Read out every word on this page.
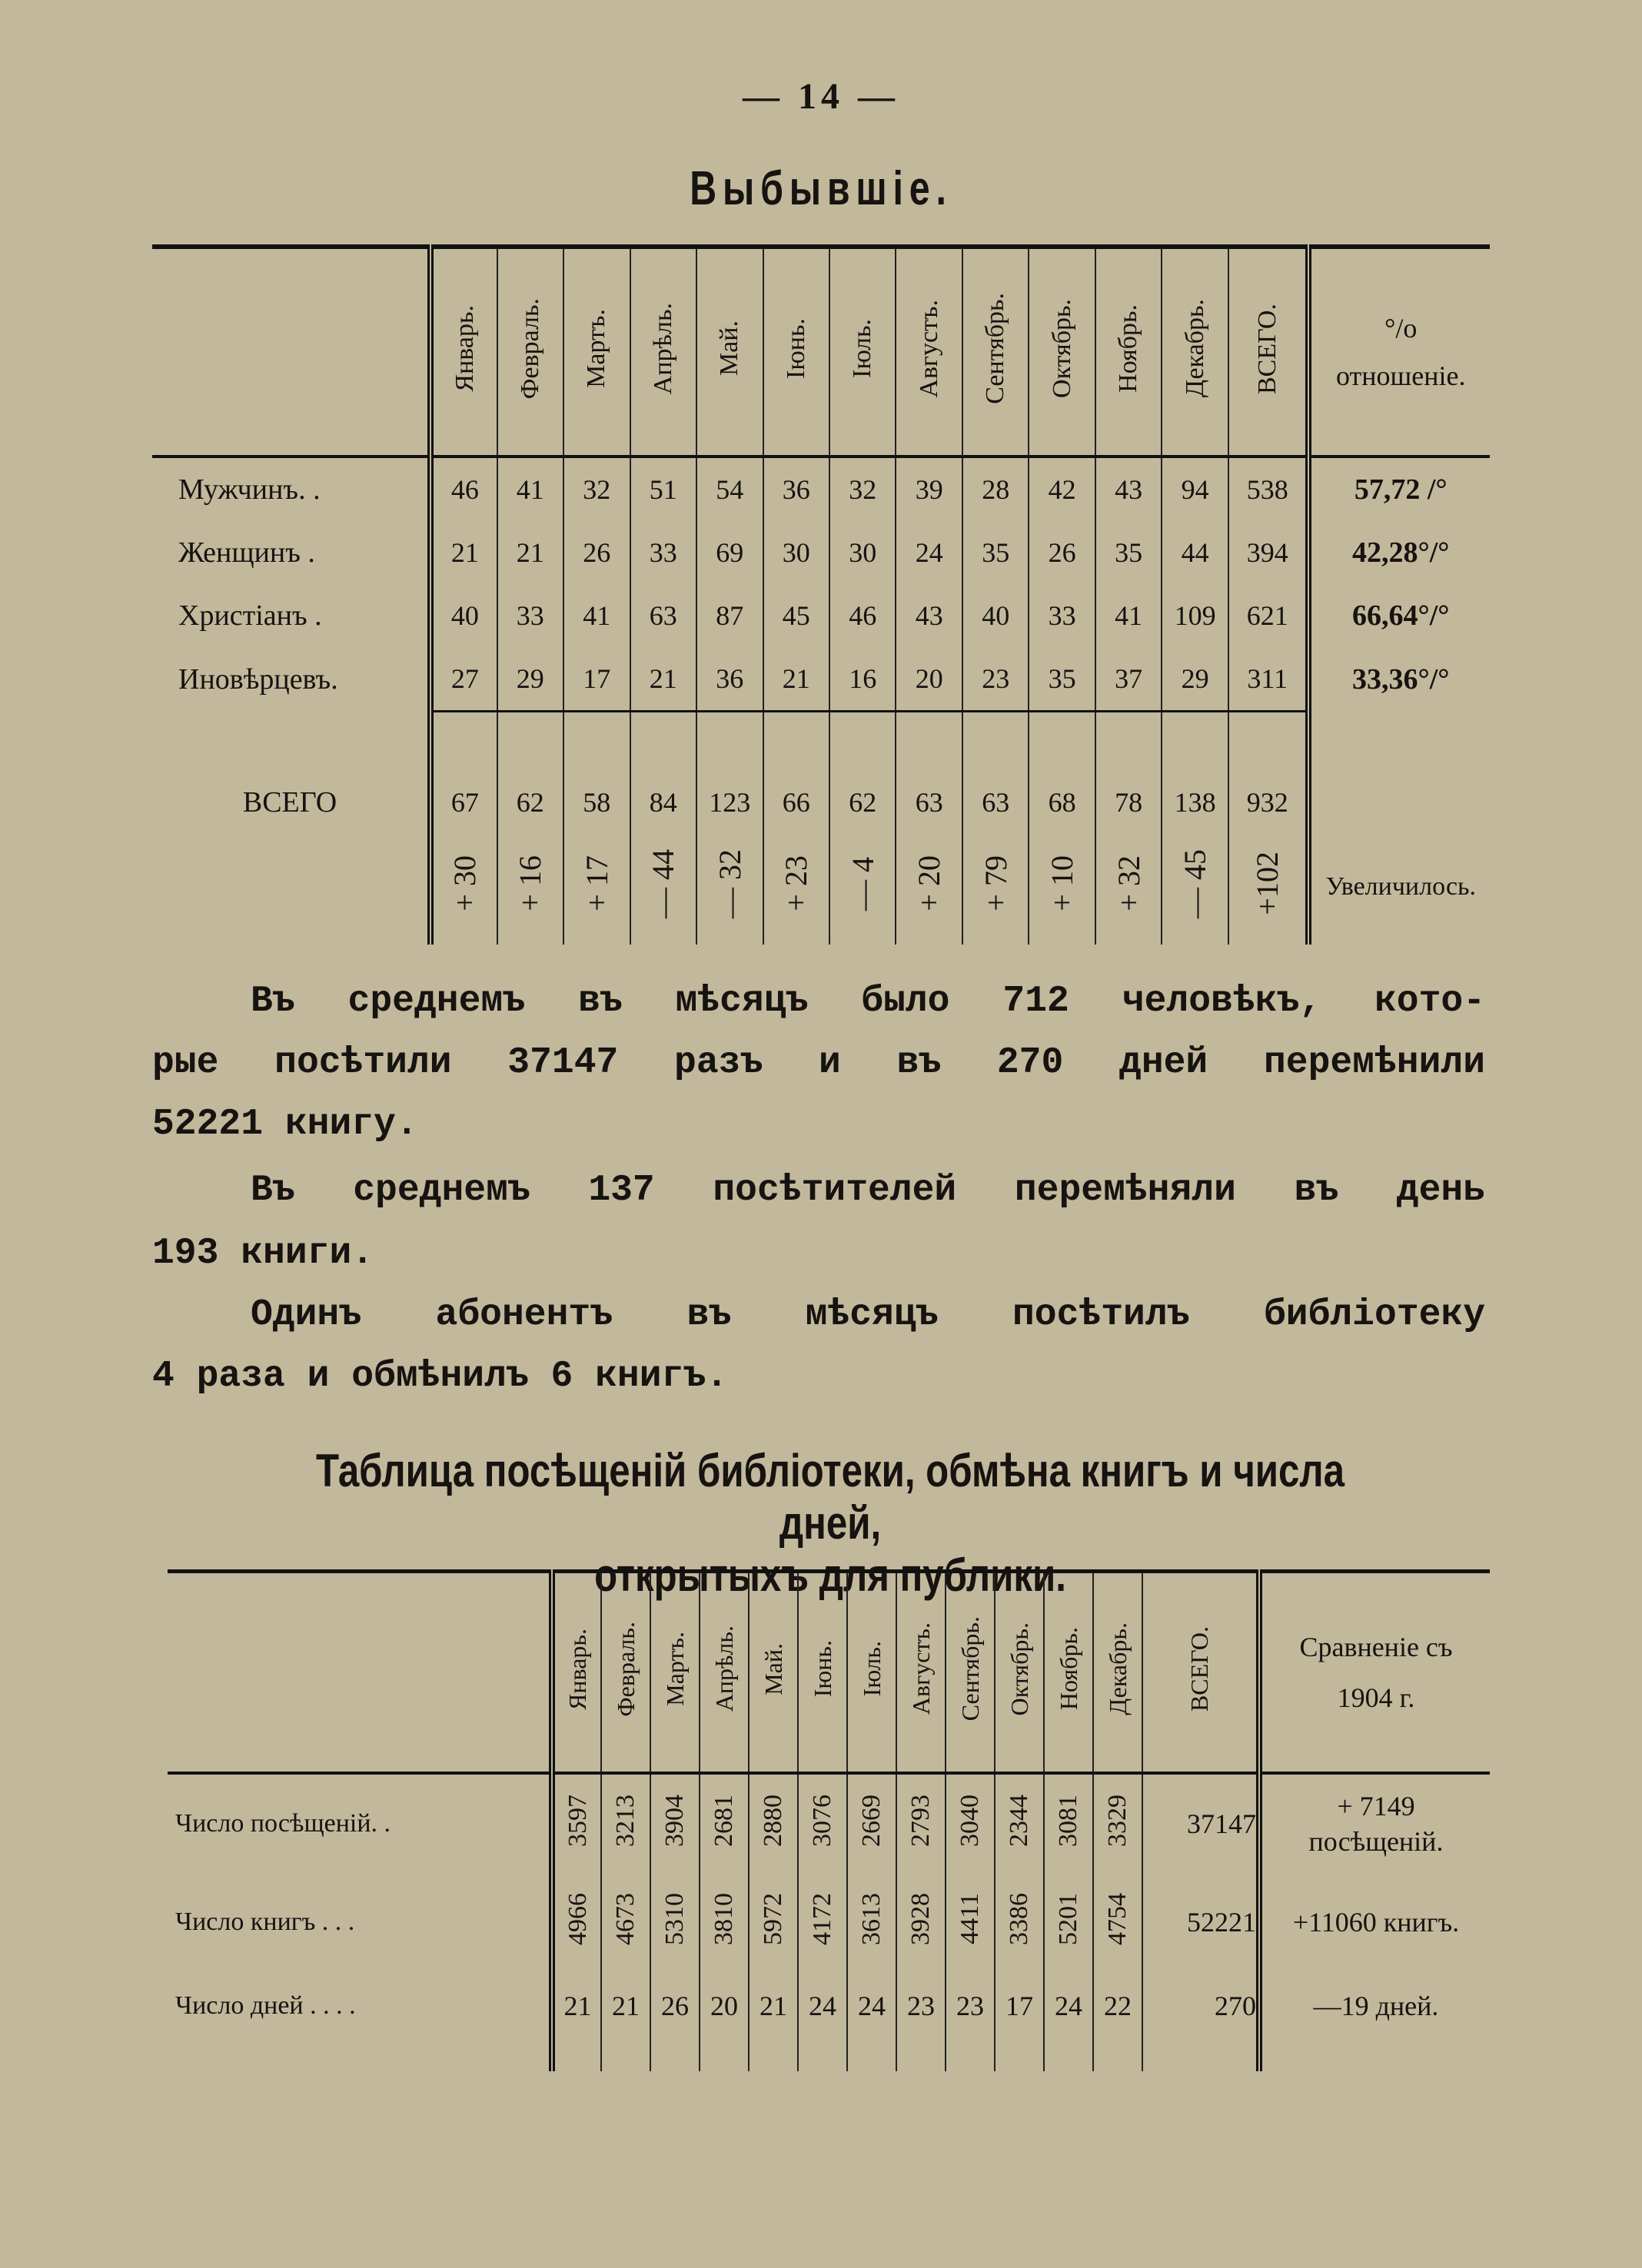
— 14 —
Выбывшіе.
	Январь.	Февраль.	Мартъ.	Апрѣль.	Май.	Іюнь.	Іюль.	Августъ.	Сентябрь.	Октябрь.	Ноябрь.	Декабрь.	ВСЕГО.	°/о отношеніе.
Мужчинъ. .	46	41	32	51	54	36	32	39	28	42	43	94	538	57,72 /°
Женщинъ .	21	21	26	33	69	30	30	24	35	26	35	44	394	42,28°/°
Христіанъ .	40	33	41	63	87	45	46	43	40	33	41	109	621	66,64°/°
Иновѣрцевъ.	27	29	17	21	36	21	16	20	23	35	37	29	311	33,36°/°

ВСЕГО	67	62	58	84	123	66	62	63	63	68	78	138	932	
	+ 30	+ 16	+ 17	— 44	— 32	+ 23	— 4	+ 20	+ 79	+ 10	+ 32	— 45	+102	Увеличилось.
Въ среднемъ въ мѣсяцъ было 712 человѣкъ, кото-
рые посѣтили 37147 разъ и въ 270 дней перемѣнили
52221 книгу.
Въ среднемъ 137 посѣтителей перемѣняли въ день
193 книги.
Одинъ абонентъ въ мѣсяцъ посѣтилъ библіотеку
4 раза и обмѣнилъ 6 книгъ.
Таблица посѣщеній библіотеки, обмѣна книгъ и числа дней,
открытыхъ для публики.
	Январь.	Февраль.	Мартъ.	Апрѣль.	Май.	Іюнь.	Іюль.	Августъ.	Сентябрь.	Октябрь.	Ноябрь.	Декабрь.	ВСЕГО.	Сравненіе съ 1904 г.
Число посѣщеній. .	3597	3213	3904	2681	2880	3076	2669	2793	3040	2344	3081	3329	37147	+ 7149 посѣщеній.
Число книгъ . . .	4966	4673	5310	3810	5972	4172	3613	3928	4411	3386	5201	4754	52221	+11060 книгъ.
Число дней . . . .	21	21	26	20	21	24	24	23	23	17	24	22	270	—19 дней.
